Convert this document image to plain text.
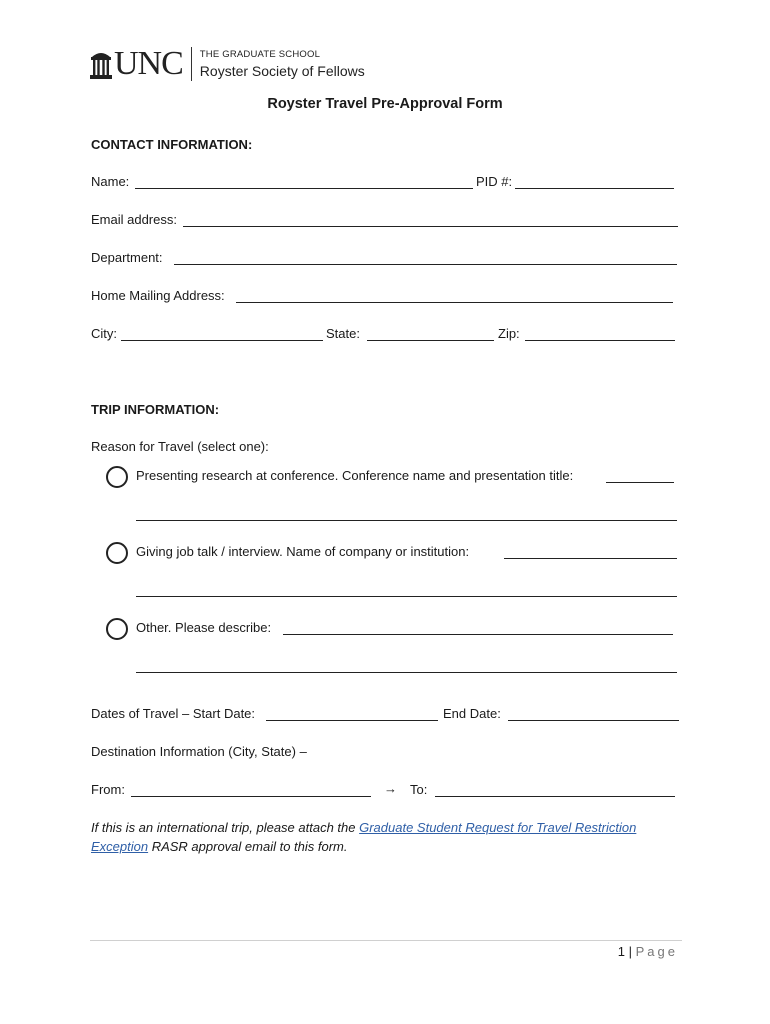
UNC THE GRADUATE SCHOOL
Royster Society of Fellows
Royster Travel Pre-Approval Form
CONTACT INFORMATION:
Name:	PID #:
Email address:
Department:
Home Mailing Address:
City:	State:	Zip:
TRIP INFORMATION:
Reason for Travel (select one):
Presenting research at conference. Conference name and presentation title:
Giving job talk / interview. Name of company or institution:
Other. Please describe:
Dates of Travel – Start Date:	End Date:
Destination Information (City, State) –
From:	→ To:
If this is an international trip, please attach the Graduate Student Request for Travel Restriction
Exception RASR approval email to this form.
1 | Page
